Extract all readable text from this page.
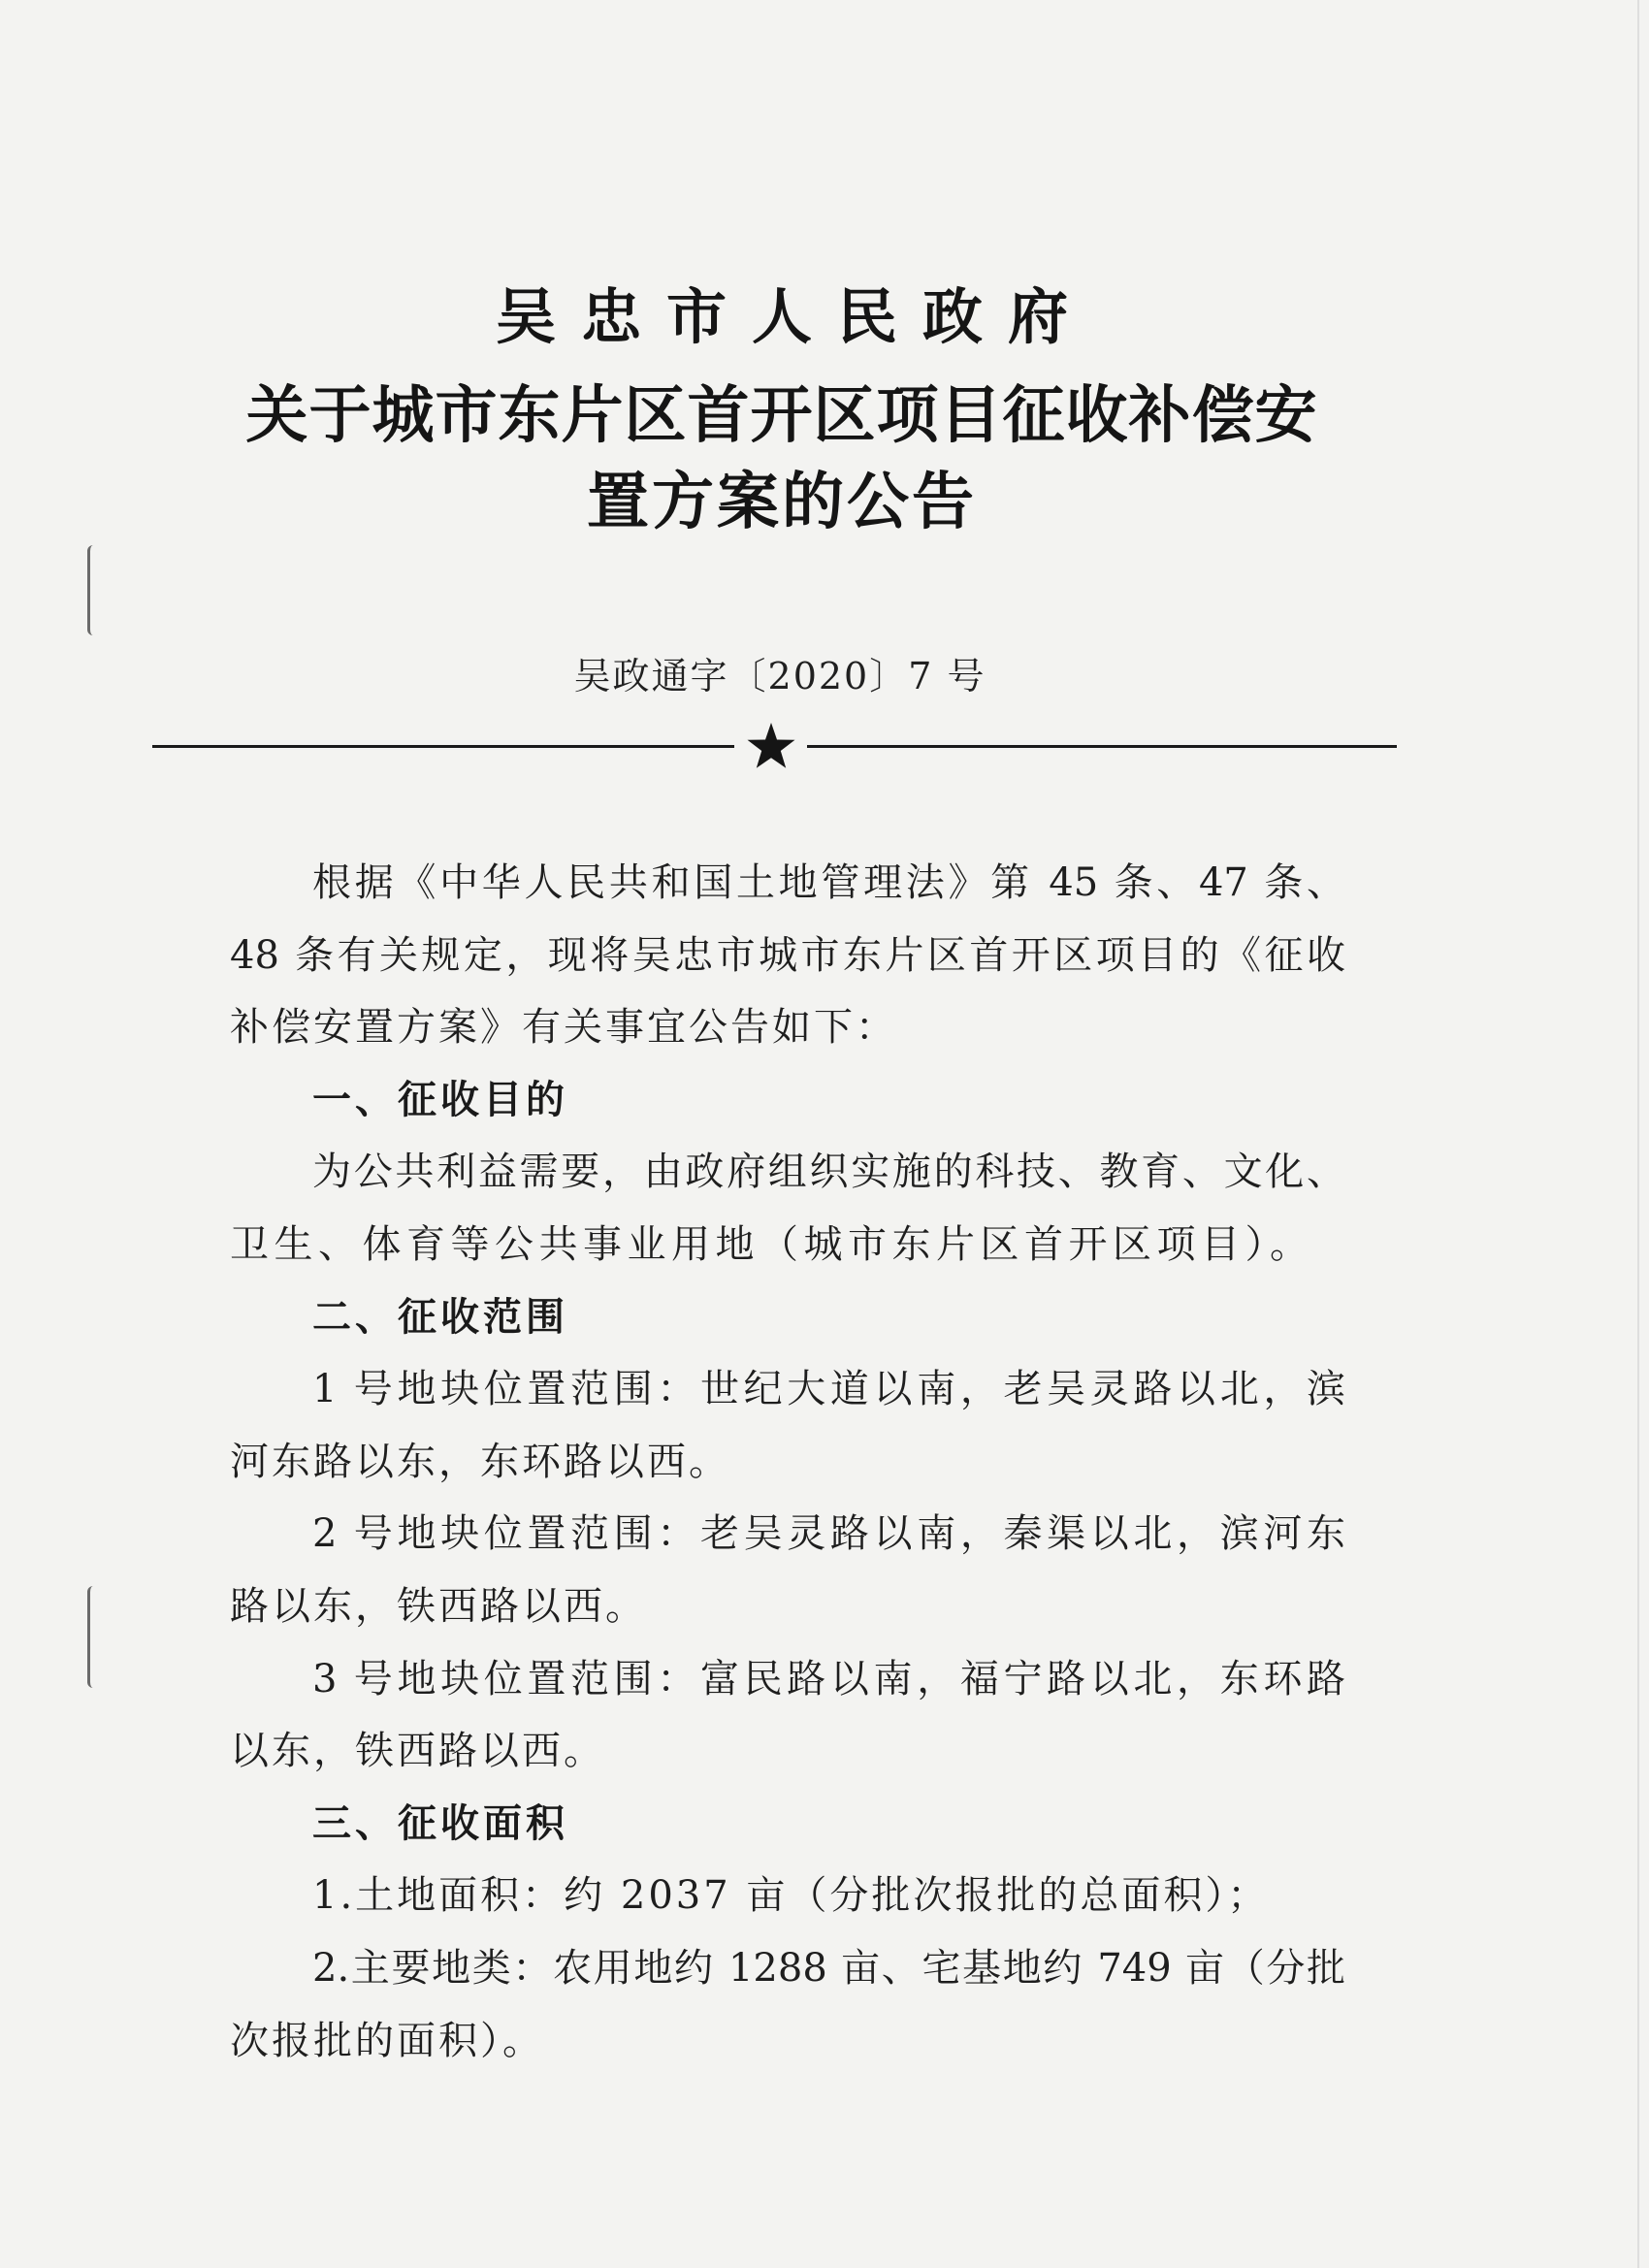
吴忠市人民政府
关于城市东片区首开区项目征收补偿安
置方案的公告
吴政通字〔2020〕7 号
根据《中华人民共和国土地管理法》第 45 条、47 条、
48 条有关规定，现将吴忠市城市东片区首开区项目的《征收
补偿安置方案》有关事宜公告如下：
一、征收目的
为公共利益需要，由政府组织实施的科技、教育、文化、
卫生、体育等公共事业用地（城市东片区首开区项目）。
二、征收范围
1 号地块位置范围：世纪大道以南，老吴灵路以北，滨
河东路以东，东环路以西。
2 号地块位置范围：老吴灵路以南，秦渠以北，滨河东
路以东，铁西路以西。
3 号地块位置范围：富民路以南，福宁路以北，东环路
以东，铁西路以西。
三、征收面积
1.土地面积：约 2037 亩（分批次报批的总面积）；
2.主要地类：农用地约 1288 亩、宅基地约 749 亩（分批
次报批的面积）。
